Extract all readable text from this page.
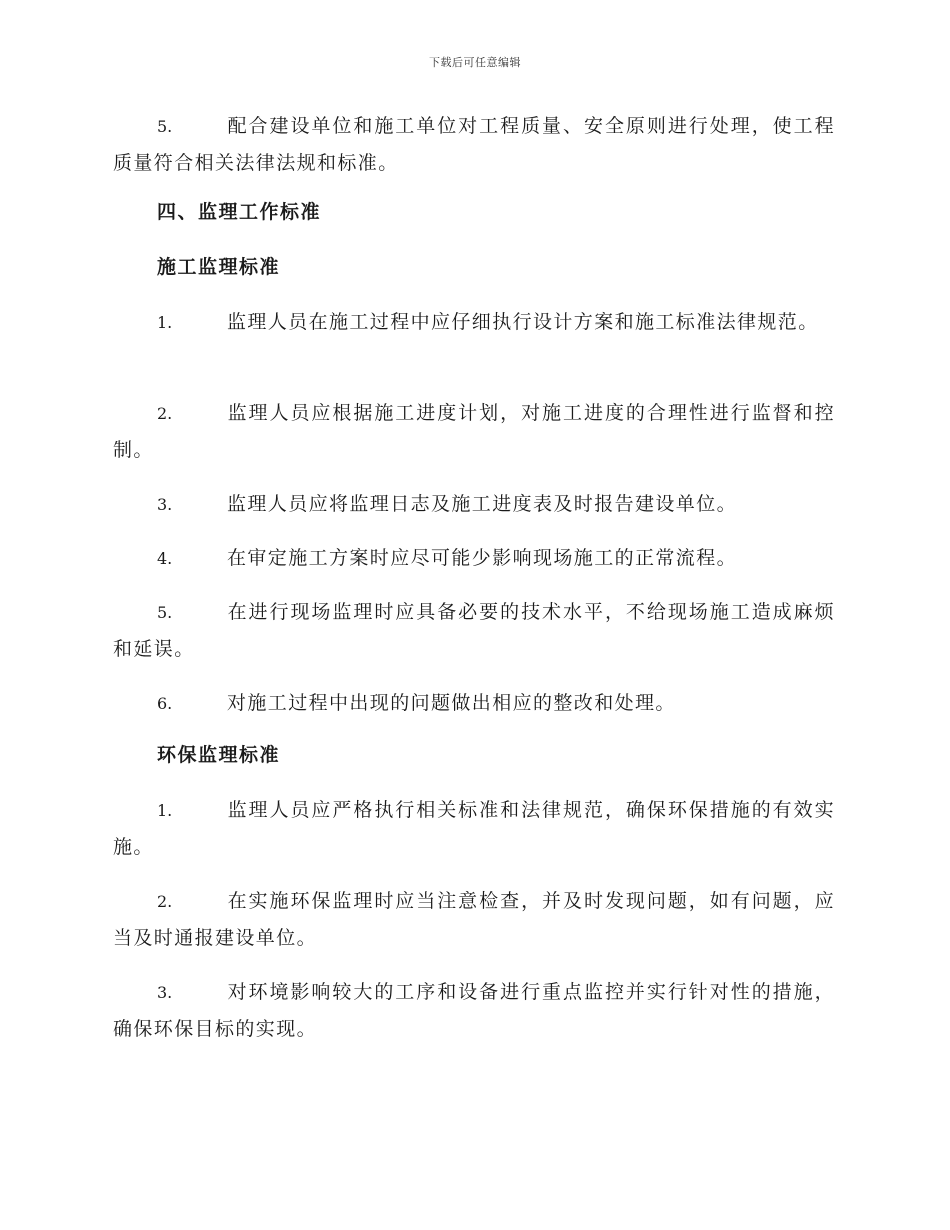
下载后可任意编辑

5.	配合建设单位和施工单位对工程质量、安全原则进行处理，使工程质量符合相关法律法规和标准。

四、监理工作标准
施工监理标准

1.	监理人员在施工过程中应仔细执行设计方案和施工标准法律规范。

2.	监理人员应根据施工进度计划，对施工进度的合理性进行监督和控制。

3.	监理人员应将监理日志及施工进度表及时报告建设单位。

4.	在审定施工方案时应尽可能少影响现场施工的正常流程。

5.	在进行现场监理时应具备必要的技术水平，不给现场施工造成麻烦和延误。

6.	对施工过程中出现的问题做出相应的整改和处理。

环保监理标准

1.	监理人员应严格执行相关标准和法律规范，确保环保措施的有效实施。

2.	在实施环保监理时应当注意检查，并及时发现问题，如有问题，应当及时通报建设单位。

3.	对环境影响较大的工序和设备进行重点监控并实行针对性的措施，确保环保目标的实现。
